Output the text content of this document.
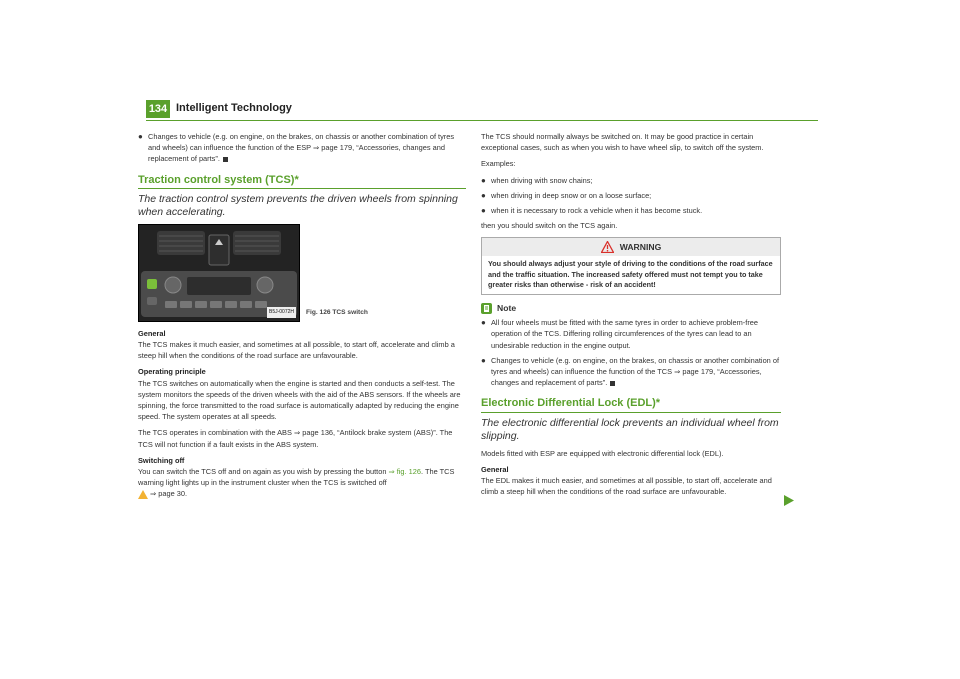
134 Intelligent Technology
● Changes to vehicle (e.g. on engine, on the brakes, on chassis or another combination of tyres and wheels) can influence the function of the ESP ⇒ page 179, “Accessories, changes and replacement of parts”.
Traction control system (TCS)*

The traction control system prevents the driven wheels from spinning when accelerating.

B5J-0072H	Fig. 126 TCS switch
General

The TCS makes it much easier, and sometimes at all possible, to start off, accelerate and climb a steep hill when the conditions of the road surface are unfavourable.

Operating principle

The TCS switches on automatically when the engine is started and then conducts a self-test. The system monitors the speeds of the driven wheels with the aid of the ABS sensors. If the wheels are spinning, the force transmitted to the road surface is automatically adapted by reducing the engine speed. The system operates at all speeds.

The TCS operates in combination with the ABS ⇒ page 136, “Antilock brake system (ABS)”. The TCS will not function if a fault exists in the ABS system.

Switching off

You can switch the TCS off and on again as you wish by pressing the button ⇒ fig. 126. The TCS warning light lights up in the instrument cluster when the TCS is switched off
⇒ page 30.

The TCS should normally always be switched on. It may be good practice in certain exceptional cases, such as when you wish to have wheel slip, to switch off the system.

Examples:

● when driving with snow chains;
● when driving in deep snow or on a loose surface;
● when it is necessary to rock a vehicle when it has become stuck.

then you should switch on the TCS again.

WARNING
You should always adjust your style of driving to the conditions of the road surface and the traffic situation. The increased safety offered must not tempt you to take greater risks than otherwise - risk of an accident!
Note
● All four wheels must be fitted with the same tyres in order to achieve problem-free operation of the TCS. Differing rolling circumferences of the tyres can lead to an undesirable reduction in the engine output.
● Changes to vehicle (e.g. on engine, on the brakes, on chassis or another combination of tyres and wheels) can influence the function of the TCS ⇒ page 179, “Accessories, changes and replacement of parts”.
Electronic Differential Lock (EDL)*

The electronic differential lock prevents an individual wheel from slipping.

Models fitted with ESP are equipped with electronic differential lock (EDL).

General

The EDL makes it much easier, and sometimes at all possible, to start off, accelerate and climb a steep hill when the conditions of the road surface are unfavourable.
